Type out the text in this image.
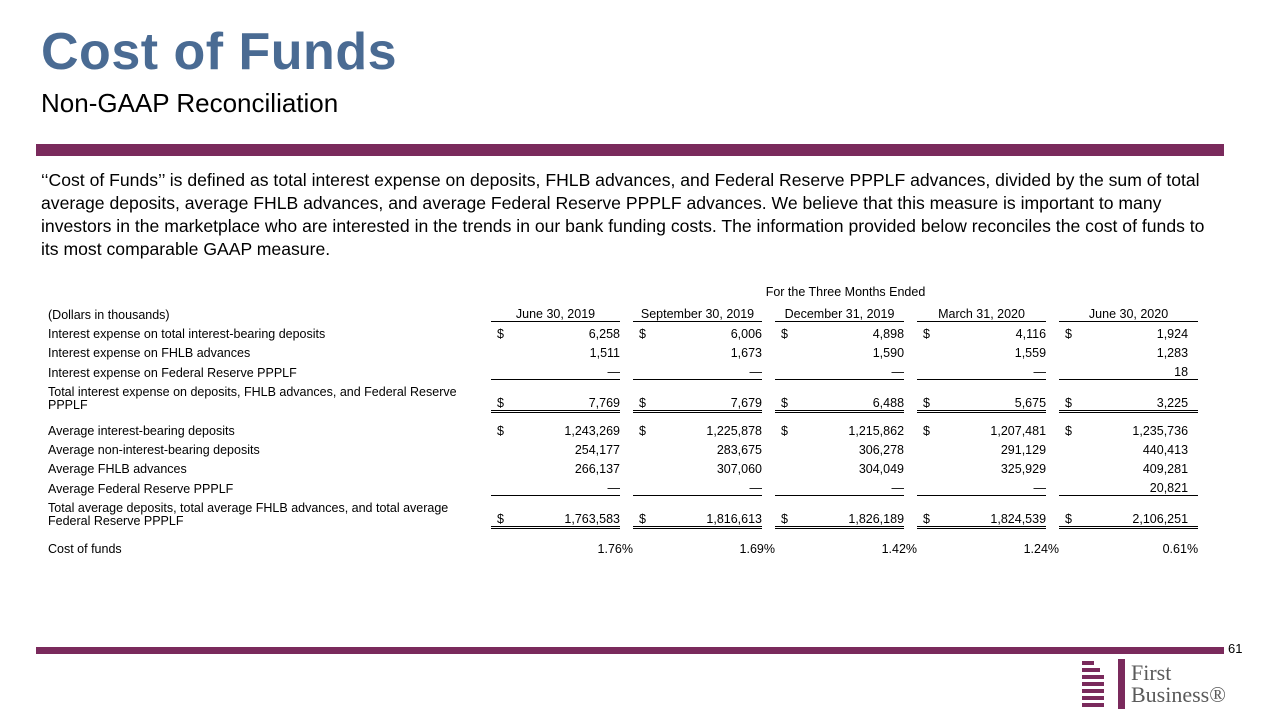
Cost of Funds
Non-GAAP Reconciliation
‘‘Cost of Funds’’ is defined as total interest expense on deposits, FHLB advances, and Federal Reserve PPPLF advances, divided by the sum of total average deposits, average FHLB advances, and average Federal Reserve PPPLF advances. We believe that this measure is important to many investors in the marketplace who are interested in the trends in our bank funding costs. The information provided below reconciles the cost of funds to its most comparable GAAP measure.
For the Three Months Ended
(Dollars in thousands)	June 30, 2019			September 30, 2019			December 31, 2019			March 31, 2020			June 30, 2020		
Interest expense on total interest-bearing deposits	$	6,258		$	6,006		$	4,898		$	4,116		$	1,924	
Interest expense on FHLB advances		1,511			1,673			1,590			1,559			1,283	
Interest expense on Federal Reserve PPPLF		—			—			—			—			18	
Total interest expense on deposits, FHLB advances, and Federal Reserve PPPLF	$	7,769		$	7,679		$	6,488		$	5,675		$	3,225	

Average interest-bearing deposits	$	1,243,269		$	1,225,878		$	1,215,862		$	1,207,481		$	1,235,736	
Average non-interest-bearing deposits		254,177			283,675			306,278			291,129			440,413	
Average FHLB advances		266,137			307,060			304,049			325,929			409,281	
Average Federal Reserve PPPLF		—			—			—			—			20,821	
Total average deposits, total average FHLB advances, and total average Federal Reserve PPPLF	$	1,763,583		$	1,816,613		$	1,826,189		$	1,824,539		$	2,106,251	

Cost of funds	1.76%			1.69%			1.42%			1.24%			0.61%		
61
First
Business®
